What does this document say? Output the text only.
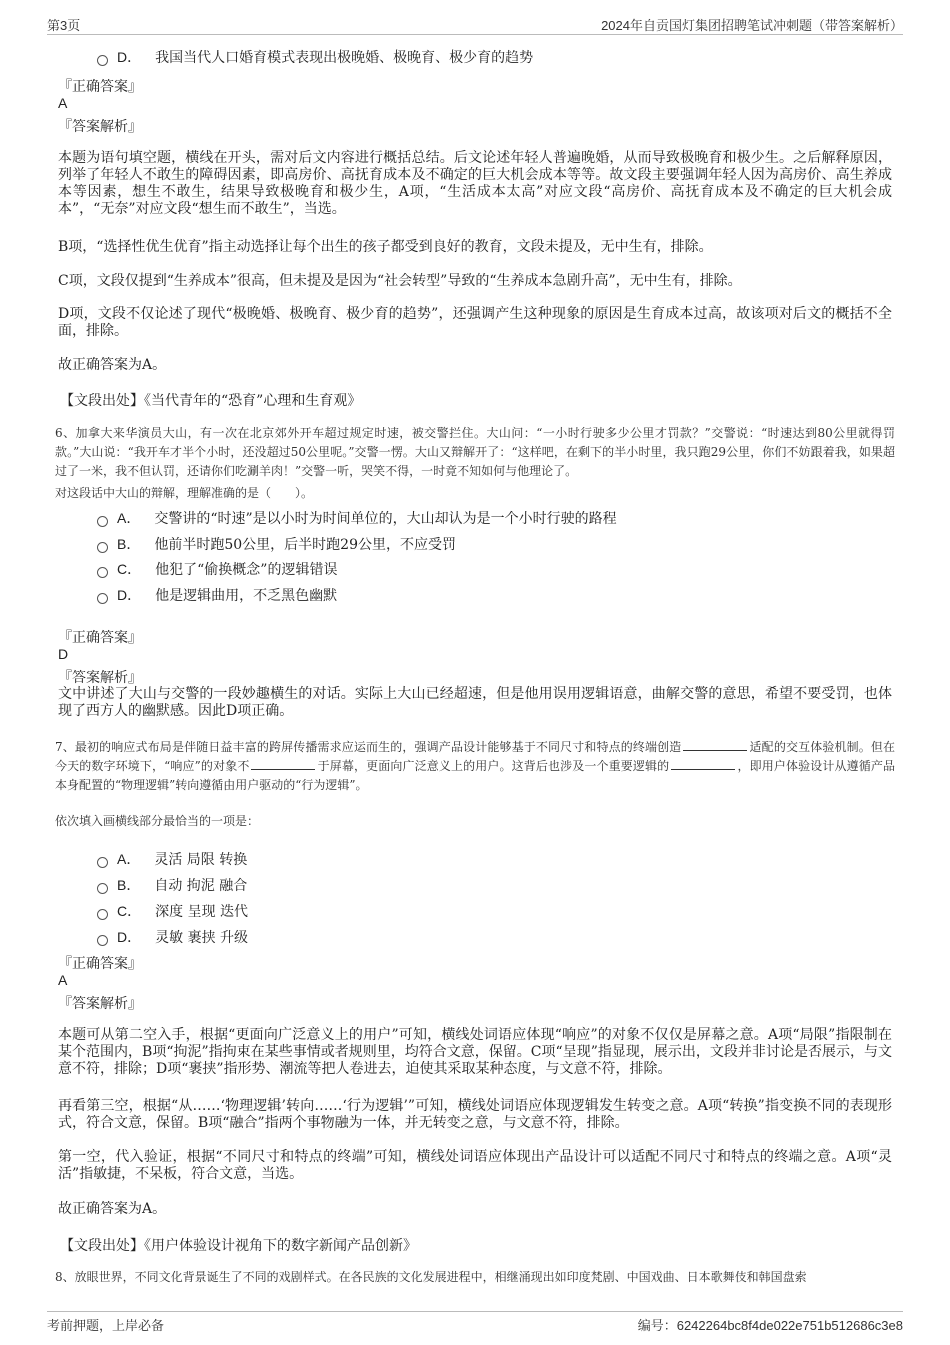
第3页	2024年自贡国灯集团招聘笔试冲刺题（带答案解析）
D． 我国当代人口婚育模式表现出极晚婚、极晚育、极少育的趋势
『正确答案』
A
『答案解析』
本题为语句填空题，横线在开头，需对后文内容进行概括总结。后文论述年轻人普遍晚婚，从而导致极晚育和极少生。之后解释原因，列举了年轻人不敢生的障碍因素，即高房价、高抚育成本及不确定的巨大机会成本等等。故文段主要强调年轻人因为高房价、高生养成本等因素，想生不敢生，结果导致极晚育和极少生，A项，“生活成本太高”对应文段“高房价、高抚育成本及不确定的巨大机会成本”，“无奈”对应文段“想生而不敢生”，当选。
B项，“选择性优生优育”指主动选择让每个出生的孩子都受到良好的教育，文段未提及，无中生有，排除。
C项，文段仅提到“生养成本”很高，但未提及是因为“社会转型”导致的“生养成本急剧升高”，无中生有，排除。
D项，文段不仅论述了现代“极晚婚、极晚育、极少育的趋势”，还强调产生这种现象的原因是生育成本过高，故该项对后文的概括不全面，排除。
故正确答案为A。
【文段出处】《当代青年的“恐育”心理和生育观》
6、加拿大来华演员大山，有一次在北京郊外开车超过规定时速，被交警拦住。大山问：“一小时行驶多少公里才罚款？”交警说：“时速达到80公里就得罚款。”大山说：“我开车才半个小时，还没超过50公里呢。”交警一愣。大山又辩解开了：“这样吧，在剩下的半小时里，我只跑29公里，你们不妨跟着我，如果超过了一米，我不但认罚，还请你们吃涮羊肉！”交警一听，哭笑不得，一时竟不知如何与他理论了。
对这段话中大山的辩解，理解准确的是（　　）。
A． 交警讲的“时速”是以小时为时间单位的，大山却认为是一个小时行驶的路程
B． 他前半时跑50公里，后半时跑29公里，不应受罚
C． 他犯了“偷换概念”的逻辑错误
D． 他是逻辑曲用，不乏黑色幽默
『正确答案』
D
『答案解析』
文中讲述了大山与交警的一段妙趣横生的对话。实际上大山已经超速，但是他用误用逻辑语意，曲解交警的意思，希望不要受罚，也体现了西方人的幽默感。因此D项正确。
7、最初的响应式布局是伴随日益丰富的跨屏传播需求应运而生的，强调产品设计能够基于不同尺寸和特点的终端创造	适配的交互体验机制。但在今天的数字环境下，“响应”的对象不	于屏幕，更面向广泛意义上的用户。这背后也涉及一个重要逻辑的	，即用户体验设计从遵循产品本身配置的“物理逻辑”转向遵循由用户驱动的“行为逻辑”。
依次填入画横线部分最恰当的一项是：
A． 灵活 局限 转换
B． 自动 拘泥 融合
C． 深度 呈现 迭代
D． 灵敏 裹挟 升级
『正确答案』
A
『答案解析』
本题可从第二空入手，根据“更面向广泛意义上的用户”可知，横线处词语应体现“响应”的对象不仅仅是屏幕之意。A项“局限”指限制在某个范围内，B项“拘泥”指拘束在某些事情或者规则里，均符合文意，保留。C项“呈现”指显现，展示出，文段并非讨论是否展示，与文意不符，排除；D项“裹挟”指形势、潮流等把人卷进去，迫使其采取某种态度，与文意不符，排除。
再看第三空，根据“从……‘物理逻辑’转向……‘行为逻辑’”可知，横线处词语应体现逻辑发生转变之意。A项“转换”指变换不同的表现形式，符合文意，保留。B项“融合”指两个事物融为一体，并无转变之意，与文意不符，排除。
第一空，代入验证，根据“不同尺寸和特点的终端”可知，横线处词语应体现出产品设计可以适配不同尺寸和特点的终端之意。A项“灵活”指敏捷，不呆板，符合文意，当选。
故正确答案为A。
【文段出处】《用户体验设计视角下的数字新闻产品创新》
8、放眼世界，不同文化背景诞生了不同的戏剧样式。在各民族的文化发展进程中，相继涌现出如印度梵剧、中国戏曲、日本歌舞伎和韩国盘索
考前押题，上岸必备	编号：6242264bc8f4de022e751b512686c3e8
